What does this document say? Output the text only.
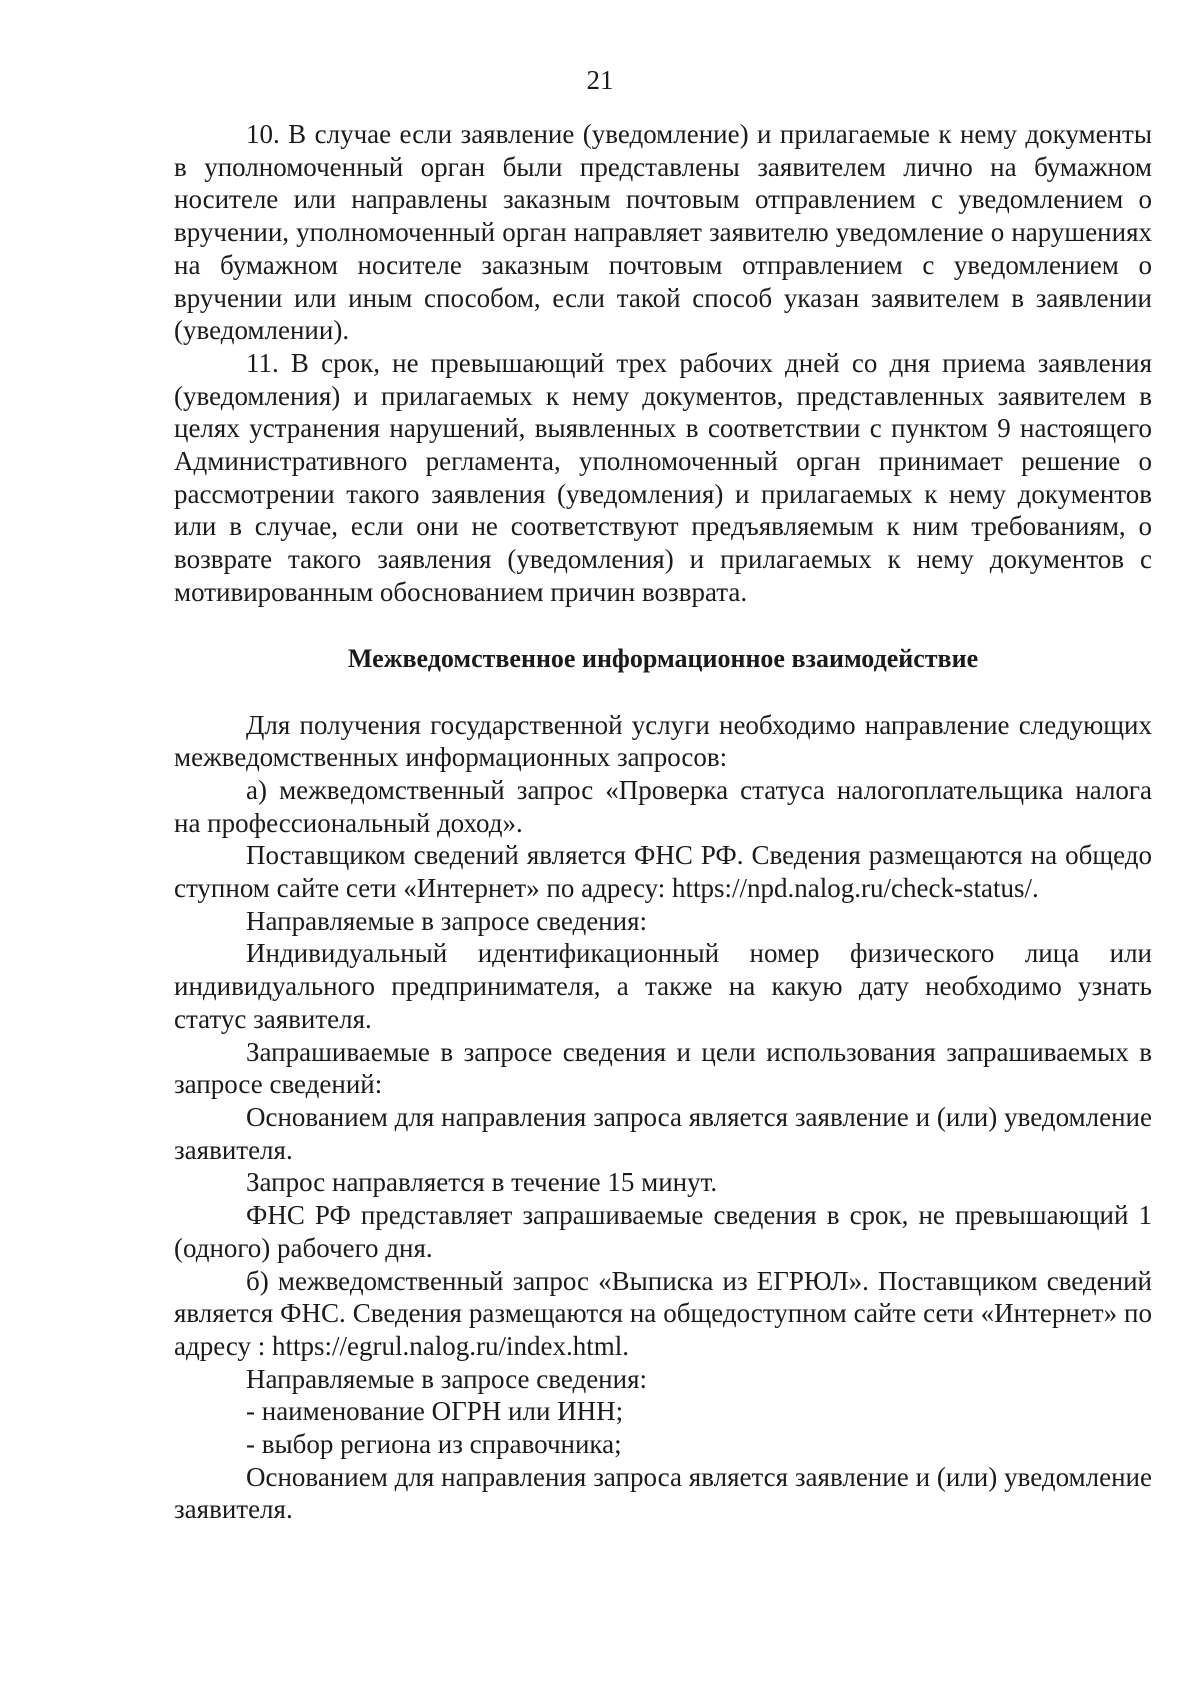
21

10. В случае если заявление (уведомление) и прилагаемые к нему документы в уполномоченный орган были представлены заявителем лично на бумажном носителе или направлены заказным почтовым отправлением с уведомлением о вручении, уполномоченный орган направляет заявителю уведомление о нарушениях на бумажном носителе заказным почтовым отправлением с уведомлением о вручении или иным способом, если такой способ указан заявителем в заявлении (уведомлении).

11. В срок, не превышающий трех рабочих дней со дня приема заявления (уведомления) и прилагаемых к нему документов, представленных заявителем в целях устранения нарушений, выявленных в соответствии с пунктом 9 настоящего Административного регламента, уполномоченный орган принимает решение о рассмотрении такого заявления (уведомления) и прилагаемых к нему документов или в случае, если они не соответствуют предъявляемым к ним требованиям, о возврате такого заявления (уведомления) и прилагаемых к нему документов с мотивированным обоснованием причин возврата.

Межведомственное информационное взаимодействие

Для получения государственной услуги необходимо направление следующих межведомственных информационных запросов:

а) межведомственный запрос «Проверка статуса налогоплательщика налога на профессиональный доход».

Поставщиком сведений является ФНС РФ. Сведения размещаются на общедоступном сайте сети «Интернет» по адресу: https://npd.nalog.ru/check-status/.

Направляемые в запросе сведения:

Индивидуальный идентификационный номер физического лица или индивидуального предпринимателя, а также на какую дату необходимо узнать статус заявителя.

Запрашиваемые в запросе сведения и цели использования запрашиваемых в запросе сведений:

Основанием для направления запроса является заявление и (или) уведомление заявителя.

Запрос направляется в течение 15 минут.

ФНС РФ представляет запрашиваемые сведения в срок, не превышающий 1 (одного) рабочего дня.

б) межведомственный запрос «Выписка из ЕГРЮЛ». Поставщиком сведений является ФНС. Сведения размещаются на общедоступном сайте сети «Интернет» по адресу : https://egrul.nalog.ru/index.html.

Направляемые в запросе сведения:

- наименование ОГРН или ИНН;

- выбор региона из справочника;

Основанием для направления запроса является заявление и (или) уведомление заявителя.
